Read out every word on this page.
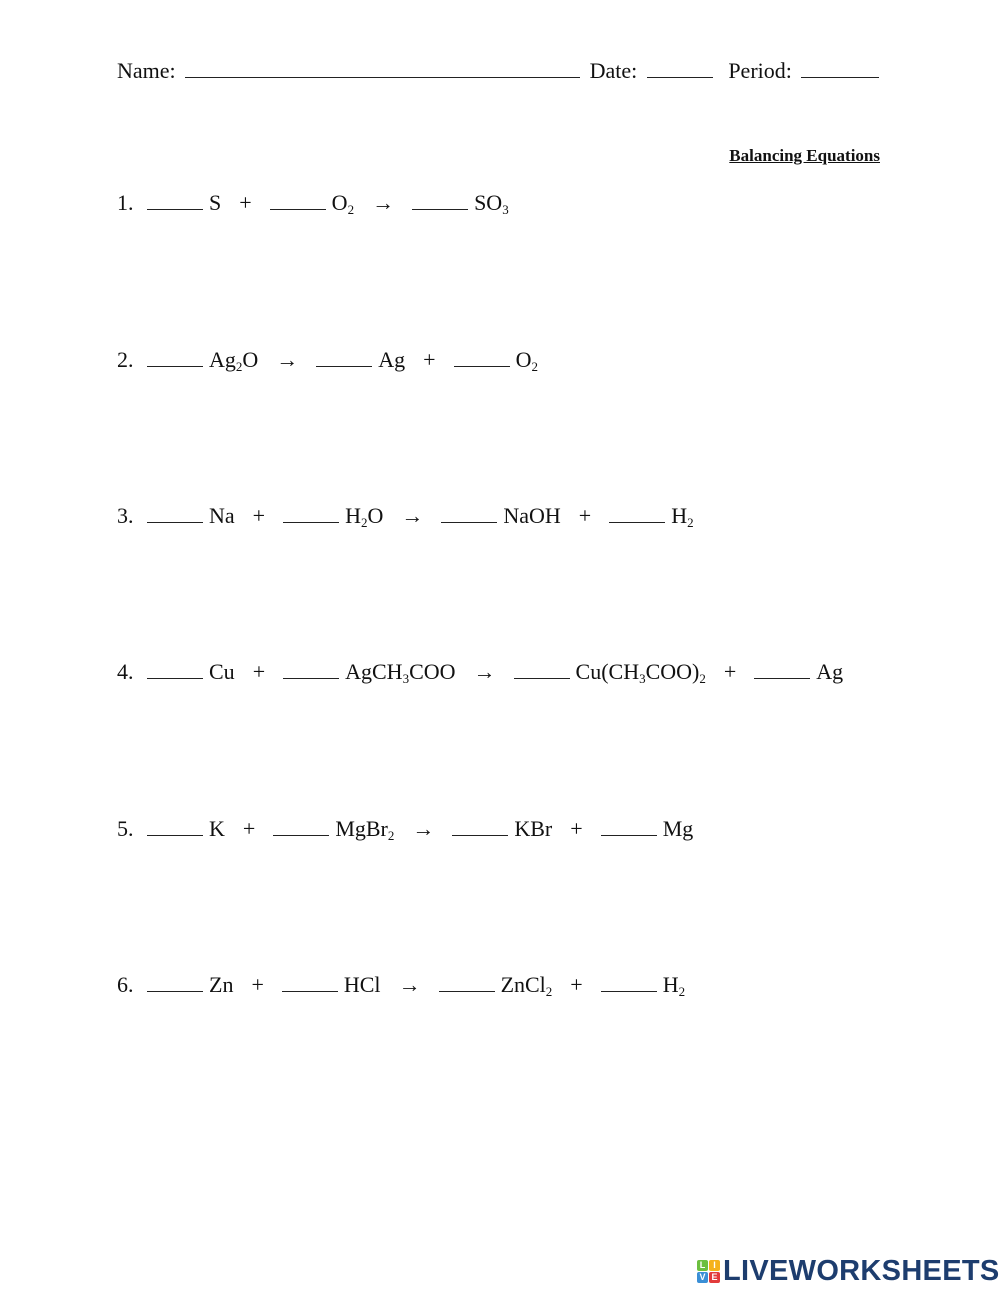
Name:	Date:	Period:
Balancing Equations
1.	S +	$O_2$ →	$SO_3$
2.	$Ag_2O$ →	Ag +	$O_2$
3.	Na +	$H_2O$ →	NaOH +	$H_2$
4.	Cu +	AgCH$_3$COO →	$Cu(CH_3COO)_2$ +	Ag
5.	K +	MgBr$_2$ →	KBr +	Mg
6.	Zn +	HCl →	ZnCl$_2$ +	$H_2$
L I
V E LIVEWORKSHEETS
